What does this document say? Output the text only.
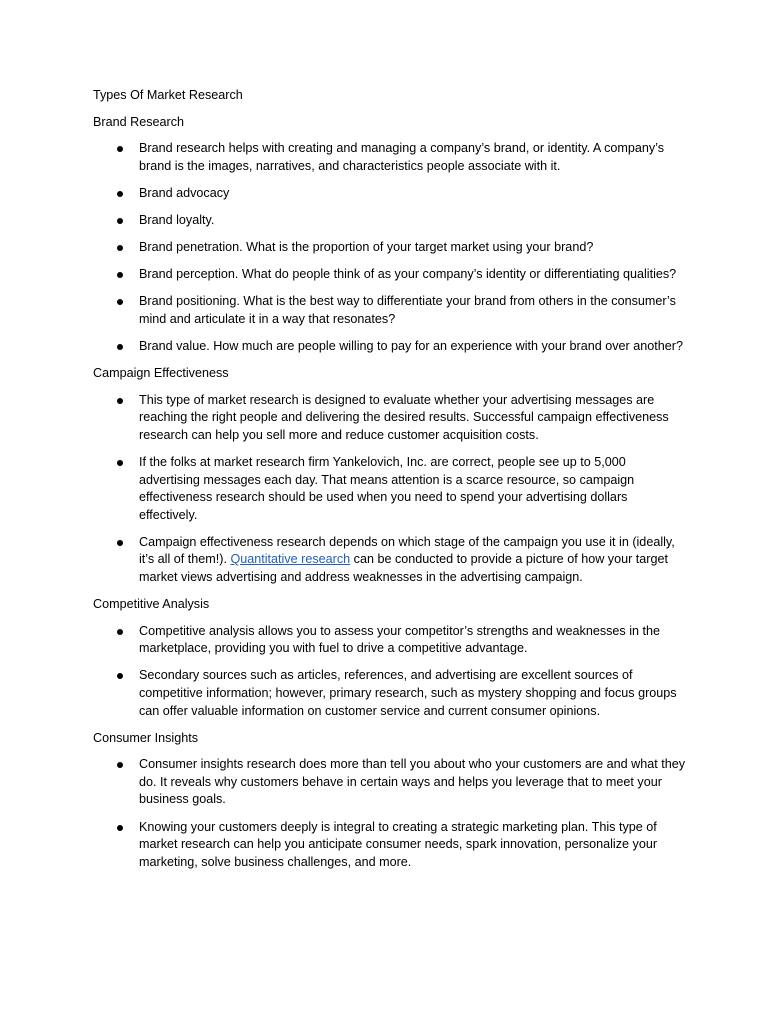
Types Of Market Research
Brand Research
Brand research helps with creating and managing a company’s brand, or identity. A company’s brand is the images, narratives, and characteristics people associate with it.
Brand advocacy
Brand loyalty.
Brand penetration. What is the proportion of your target market using your brand?
Brand perception. What do people think of as your company’s identity or differentiating qualities?
Brand positioning. What is the best way to differentiate your brand from others in the consumer’s mind and articulate it in a way that resonates?
Brand value. How much are people willing to pay for an experience with your brand over another?
Campaign Effectiveness
This type of market research is designed to evaluate whether your advertising messages are reaching the right people and delivering the desired results. Successful campaign effectiveness research can help you sell more and reduce customer acquisition costs.
If the folks at market research firm Yankelovich, Inc. are correct, people see up to 5,000 advertising messages each day. That means attention is a scarce resource, so campaign effectiveness research should be used when you need to spend your advertising dollars effectively.
Campaign effectiveness research depends on which stage of the campaign you use it in (ideally, it’s all of them!). Quantitative research can be conducted to provide a picture of how your target market views advertising and address weaknesses in the advertising campaign.
Competitive Analysis
Competitive analysis allows you to assess your competitor’s strengths and weaknesses in the marketplace, providing you with fuel to drive a competitive advantage.
Secondary sources such as articles, references, and advertising are excellent sources of competitive information; however, primary research, such as mystery shopping and focus groups can offer valuable information on customer service and current consumer opinions.
Consumer Insights
Consumer insights research does more than tell you about who your customers are and what they do. It reveals why customers behave in certain ways and helps you leverage that to meet your business goals.
Knowing your customers deeply is integral to creating a strategic marketing plan. This type of market research can help you anticipate consumer needs, spark innovation, personalize your marketing, solve business challenges, and more.
